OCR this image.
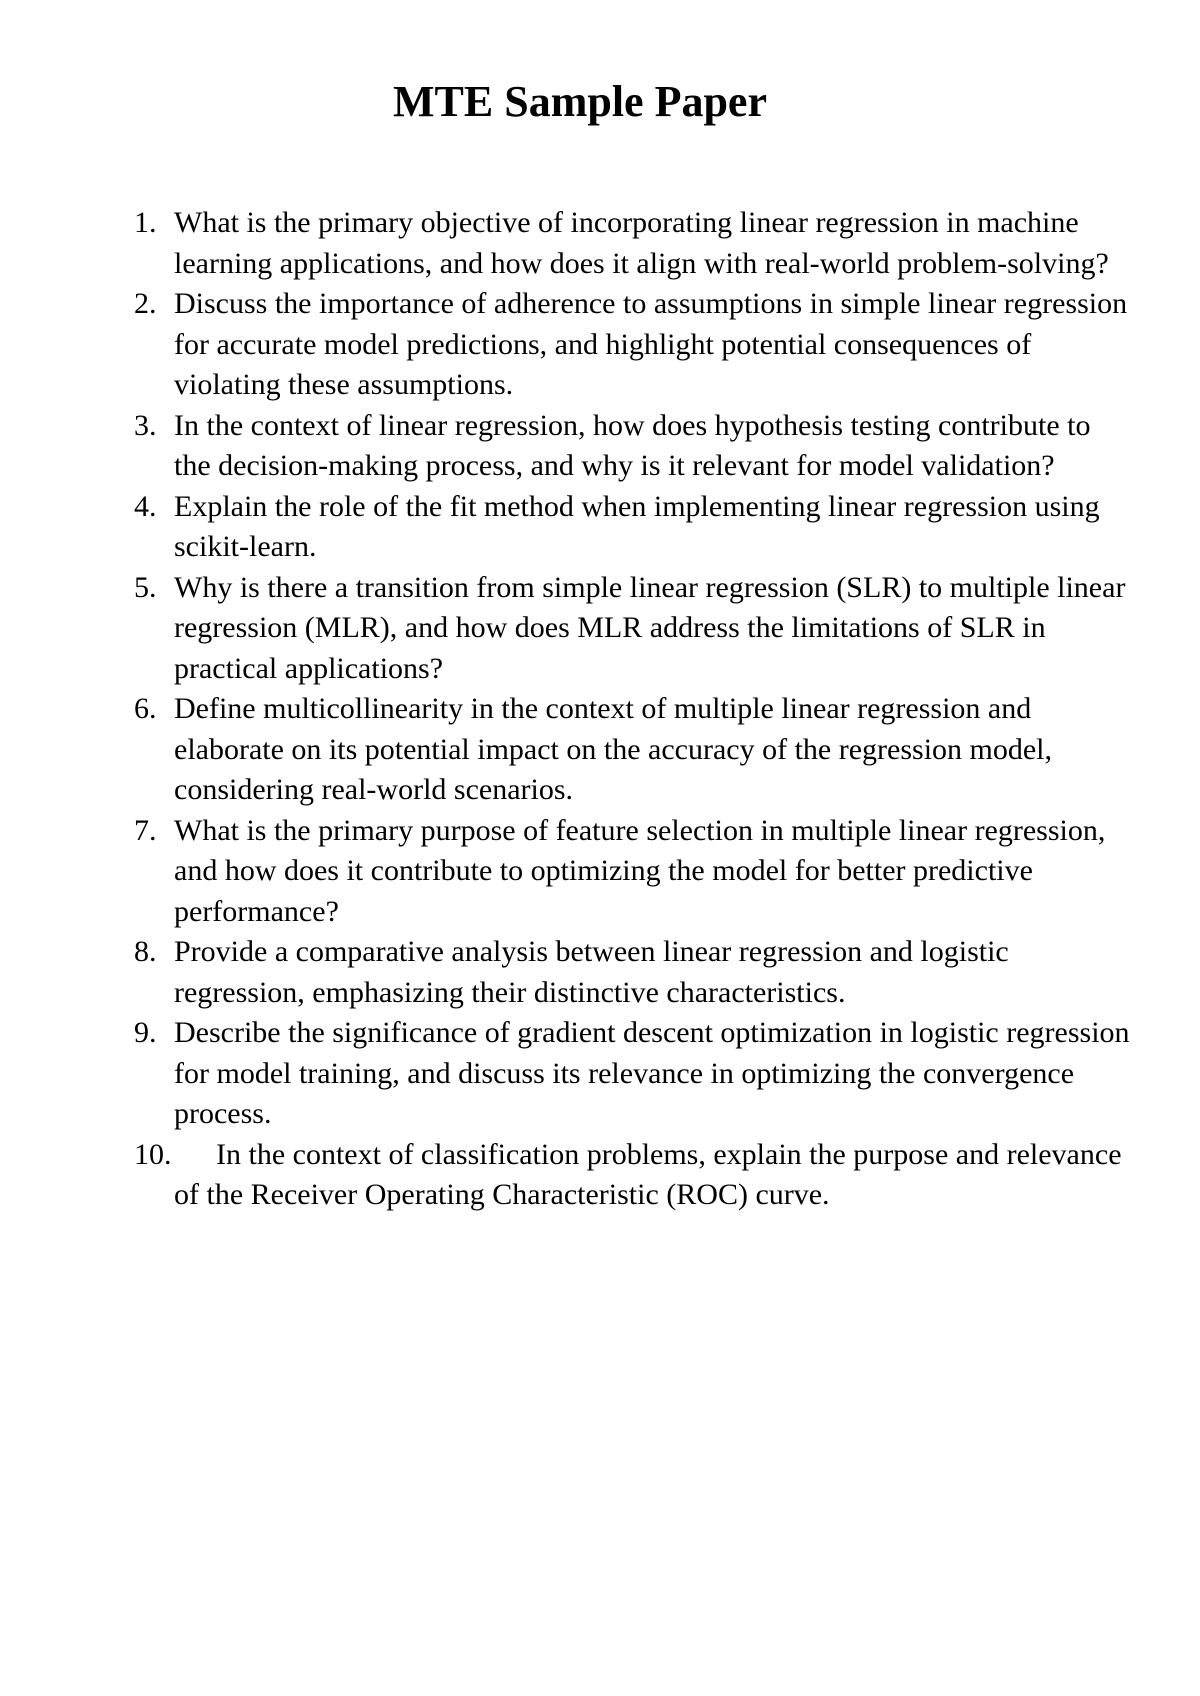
MTE Sample Paper
1. What is the primary objective of incorporating linear regression in machine learning applications, and how does it align with real-world problem-solving?
2. Discuss the importance of adherence to assumptions in simple linear regression for accurate model predictions, and highlight potential consequences of violating these assumptions.
3. In the context of linear regression, how does hypothesis testing contribute to the decision-making process, and why is it relevant for model validation?
4. Explain the role of the fit method when implementing linear regression using scikit-learn.
5. Why is there a transition from simple linear regression (SLR) to multiple linear regression (MLR), and how does MLR address the limitations of SLR in practical applications?
6. Define multicollinearity in the context of multiple linear regression and elaborate on its potential impact on the accuracy of the regression model, considering real-world scenarios.
7. What is the primary purpose of feature selection in multiple linear regression, and how does it contribute to optimizing the model for better predictive performance?
8. Provide a comparative analysis between linear regression and logistic regression, emphasizing their distinctive characteristics.
9. Describe the significance of gradient descent optimization in logistic regression for model training, and discuss its relevance in optimizing the convergence process.
10.	In the context of classification problems, explain the purpose and relevance of the Receiver Operating Characteristic (ROC) curve.
